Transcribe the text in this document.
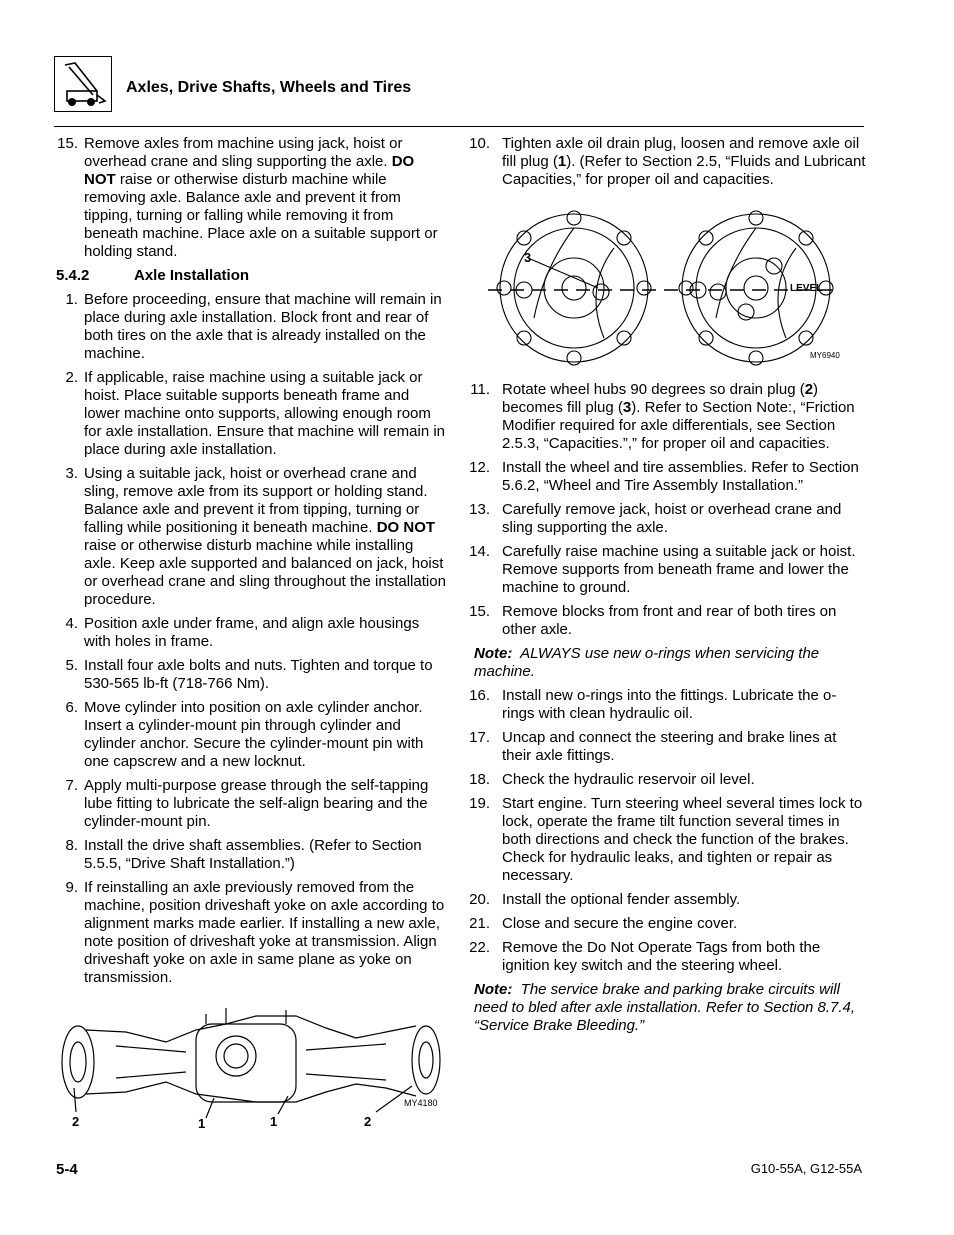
Axles, Drive Shafts, Wheels and Tires
15. Remove axles from machine using jack, hoist or overhead crane and sling supporting the axle. DO NOT raise or otherwise disturb machine while removing axle. Balance axle and prevent it from tipping, turning or falling while removing it from beneath machine. Place axle on a suitable support or holding stand.
5.4.2	Axle Installation
1. Before proceeding, ensure that machine will remain in place during axle installation. Block front and rear of both tires on the axle that is already installed on the machine.
2. If applicable, raise machine using a suitable jack or hoist. Place suitable supports beneath frame and lower machine onto supports, allowing enough room for axle installation. Ensure that machine will remain in place during axle installation.
3. Using a suitable jack, hoist or overhead crane and sling, remove axle from its support or holding stand. Balance axle and prevent it from tipping, turning or falling while positioning it beneath machine. DO NOT raise or otherwise disturb machine while installing axle. Keep axle supported and balanced on jack, hoist or overhead crane and sling throughout the installation procedure.
4. Position axle under frame, and align axle housings with holes in frame.
5. Install four axle bolts and nuts. Tighten and torque to 530-565 lb-ft (718-766 Nm).
6. Move cylinder into position on axle cylinder anchor. Insert a cylinder-mount pin through cylinder and cylinder anchor. Secure the cylinder-mount pin with one capscrew and a new locknut.
7. Apply multi-purpose grease through the self-tapping lube fitting to lubricate the self-align bearing and the cylinder-mount pin.
8. Install the drive shaft assemblies. (Refer to Section 5.5.5, “Drive Shaft Installation.”)
9. If reinstalling an axle previously removed from the machine, position driveshaft yoke on axle according to alignment marks made earlier. If installing a new axle, note position of driveshaft yoke at transmission. Align driveshaft yoke on axle in same plane as yoke on transmission.
2	1	1	2
MY4180
10. Tighten axle oil drain plug, loosen and remove axle oil fill plug (1). (Refer to Section 2.5, “Fluids and Lubricant Capacities,” for proper oil and capacities.
11. Rotate wheel hubs 90 degrees so drain plug (2) becomes fill plug (3). Refer to Section Note:, “Friction Modifier required for axle differentials, see Section 2.5.3, “Capacities.”,” for proper oil and capacities.
12. Install the wheel and tire assemblies. Refer to Section 5.6.2, “Wheel and Tire Assembly Installation.”
13. Carefully remove jack, hoist or overhead crane and sling supporting the axle.
14. Carefully raise machine using a suitable jack or hoist. Remove supports from beneath frame and lower the machine to ground.
15. Remove blocks from front and rear of both tires on other axle.

Note: ALWAYS use new o-rings when servicing the machine.

16. Install new o-rings into the fittings. Lubricate the o-rings with clean hydraulic oil.
17. Uncap and connect the steering and brake lines at their axle fittings.
18. Check the hydraulic reservoir oil level.
19. Start engine. Turn steering wheel several times lock to lock, operate the frame tilt function several times in both directions and check the function of the brakes. Check for hydraulic leaks, and tighten or repair as necessary.
20. Install the optional fender assembly.
21. Close and secure the engine cover.
22. Remove the Do Not Operate Tags from both the ignition key switch and the steering wheel.

Note: The service brake and parking brake circuits will need to bled after axle installation. Refer to Section 8.7.4, “Service Brake Bleeding.”

3
LEVEL
MY6940
5-4	G10-55A, G12-55A
